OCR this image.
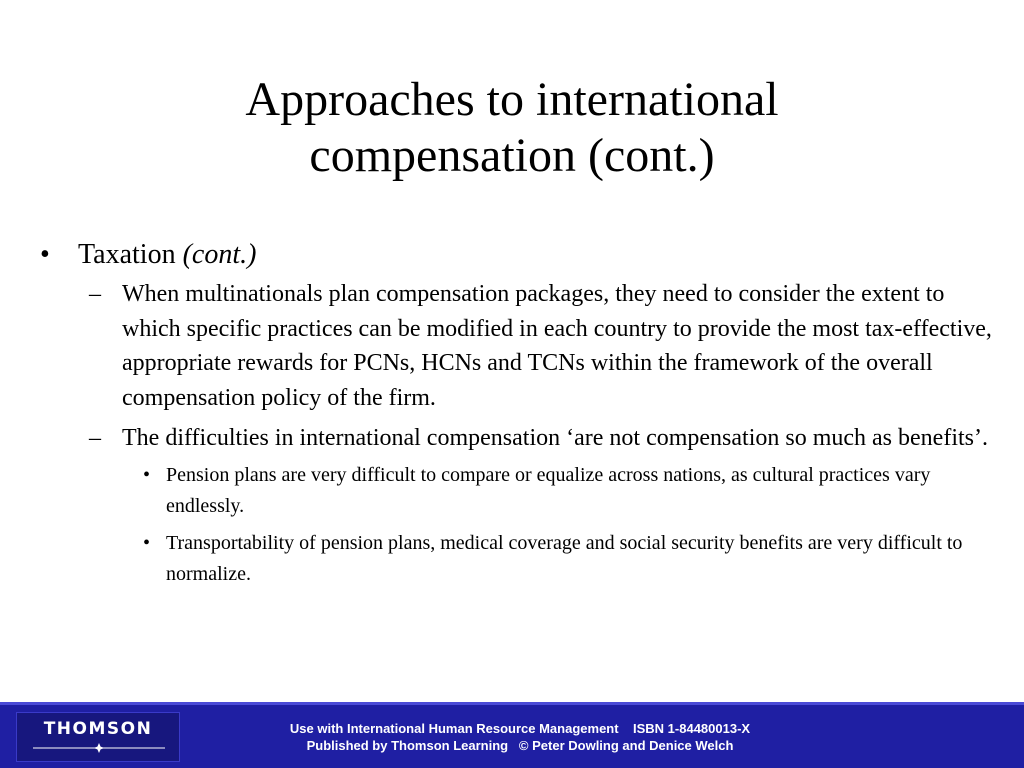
Approaches to international
compensation (cont.)
• Taxation (cont.)
– When multinationals plan compensation packages, they need to consider the extent to which specific practices can be modified in each country to provide the most tax-effective, appropriate rewards for PCNs, HCNs and TCNs within the framework of the overall compensation policy of the firm.
– The difficulties in international compensation ‘are not compensation so much as benefits’.
• Pension plans are very difficult to compare or equalize across nations, as cultural practices vary endlessly.
• Transportability of pension plans, medical coverage and social security benefits are very difficult to normalize.
THOMSON	Use with International Human Resource Management    ISBN 1-84480013-X
Published by Thomson Learning   © Peter Dowling and Denice Welch
